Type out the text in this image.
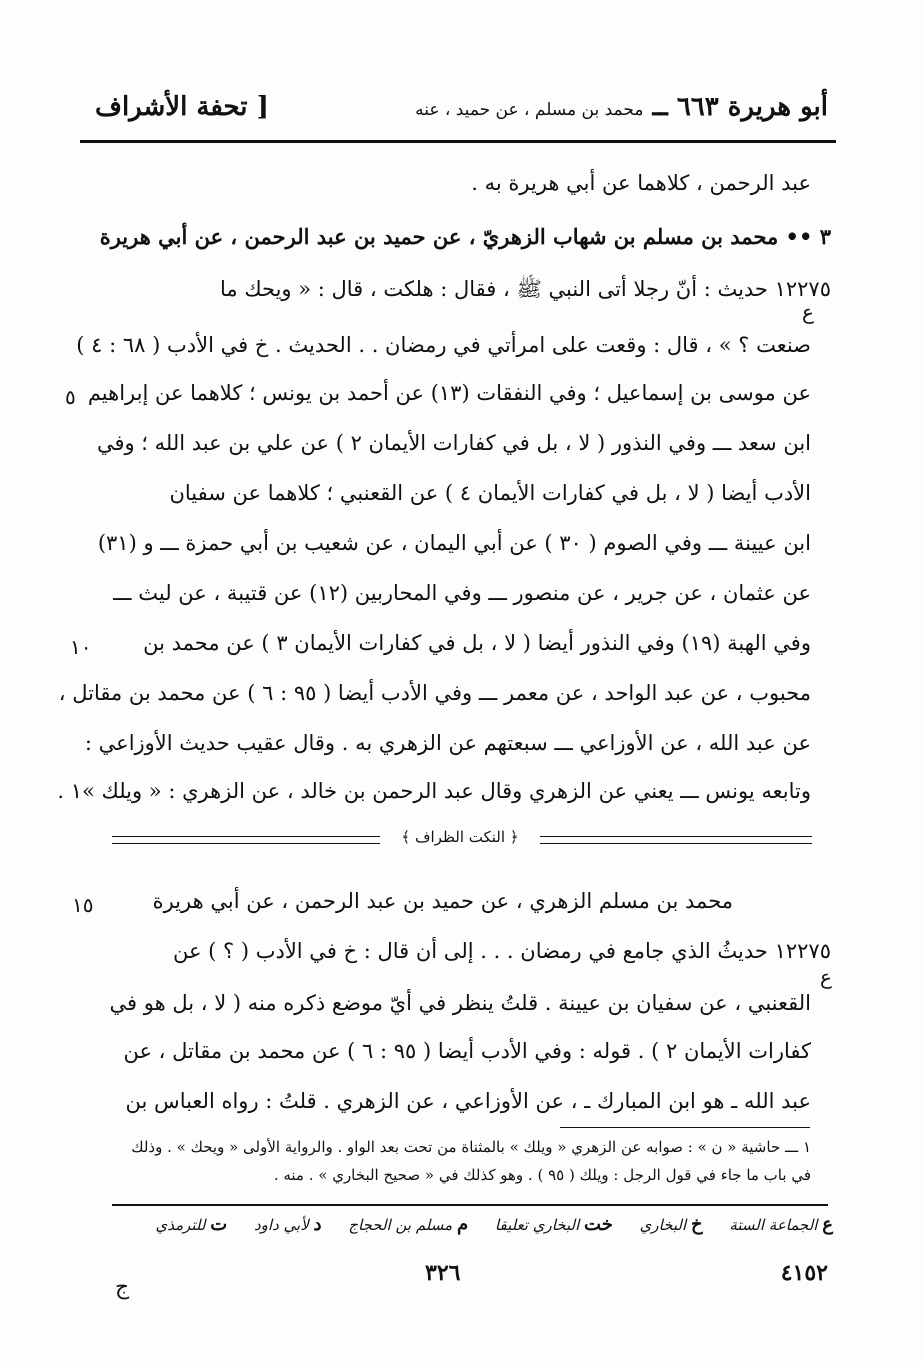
أبو هريرة ٦٦٣ ــ محمد بن مسلم ، عن حميد ، عنه
[ تحفة الأشراف
عبد الرحمن ، كلاهما عن أبي هريرة به .
٣ •• محمد بن مسلم بن شهاب الزهريّ ، عن حميد بن عبد الرحمن ، عن أبي هريرة
١٢٢٧٥ حديث : أنّ رجلا أتى النبي ﷺ ، فقال : هلكت ، قال : « ويحك ما
صنعت ؟ » ، قال : وقعت على امرأتي في رمضان . . الحديث . خ في الأدب ( ٦٨ : ٤ )
عن موسى بن إسماعيل ؛ وفي النفقات (١٣) عن أحمد بن يونس ؛ كلاهما عن إبراهيم
ابن سعد ـــ وفي النذور ( لا ، بل في كفارات الأيمان ٢ ) عن علي بن عبد الله ؛ وفي
الأدب أيضا ( لا ، بل في كفارات الأيمان ٤ ) عن القعنبي ؛ كلاهما عن سفيان
ابن عيينة ـــ وفي الصوم ( ٣٠ ) عن أبي اليمان ، عن شعيب بن أبي حمزة ـــ و (٣١)
عن عثمان ، عن جرير ، عن منصور ـــ وفي المحاربين (١٢) عن قتيبة ، عن ليث ـــ
وفي الهبة (١٩) وفي النذور أيضا ( لا ، بل في كفارات الأيمان ٣ ) عن محمد بن
محبوب ، عن عبد الواحد ، عن معمر ـــ وفي الأدب أيضا ( ٩٥ : ٦ ) عن محمد بن مقاتل ،
عن عبد الله ، عن الأوزاعي ـــ سبعتهم عن الزهري به . وقال عقيب حديث الأوزاعي :
وتابعه يونس ـــ يعني عن الزهري وقال عبد الرحمن بن خالد ، عن الزهري : « ويلك »١ .
ع
٥
١٠
١٥
ع
﴿ النكت الظراف ﴾
محمد بن مسلم الزهري ، عن حميد بن عبد الرحمن ، عن أبي هريرة
١٢٢٧٥ حديثُ الذي جامع في رمضان . . . إلى أن قال : خ في الأدب ( ؟ ) عن
القعنبي ، عن سفيان بن عيينة . قلتُ ينظر في أيّ موضع ذكره منه ( لا ، بل هو في
كفارات الأيمان ٢ ) . قوله : وفي الأدب أيضا ( ٩٥ : ٦ ) عن محمد بن مقاتل ، عن
عبد الله ـ هو ابن المبارك ـ ، عن الأوزاعي ، عن الزهري . قلتُ : رواه العباس بن
١ ـــ حاشية « ن » : صوابه عن الزهري « ويلك » بالمثناة من تحت بعد الواو . والرواية الأولى « ويحك » . وذلك
في باب ما جاء في قول الرجل : ويلك ( ٩٥ ) . وهو كذلك في « صحيح البخاري » . منه .
ع الجماعة الستة خ البخاري خت البخاري تعليقا م مسلم بن الحجاج د لأبي داود ت للترمذي
ج
٣٢٦	٤١٥٢
